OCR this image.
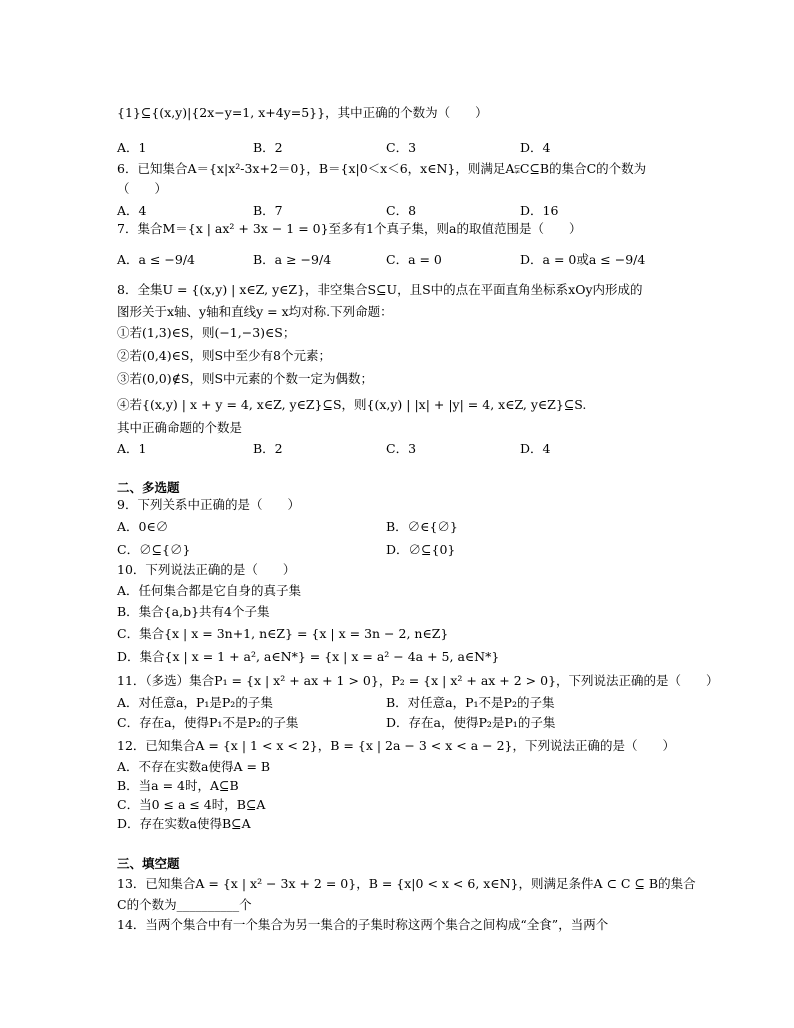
{1}⊆{(x,y)|{2x−y=1, x+4y=5}}，其中正确的个数为（　　）
A．1	B．2	C．3	D．4
6．已知集合A＝{x|x²-3x+2＝0}，B＝{x|0＜x＜6，x∈N}，则满足A⫋C⊆B的集合C的个数为
（　　）
A．4	B．7	C．8	D．16
7．集合M＝{x | ax² + 3x − 1 = 0}至多有1个真子集，则a的取值范围是（　　）
A．a ≤ −9/4	B．a ≥ −9/4	C．a = 0	D．a = 0或a ≤ −9/4
8．全集U = {(x,y) | x∈Z, y∈Z}，非空集合S⊆U，且S中的点在平面直角坐标系xOy内形成的
图形关于x轴、y轴和直线y = x均对称.下列命题：
①若(1,3)∈S，则(−1,−3)∈S；
②若(0,4)∈S，则S中至少有8个元素；
③若(0,0)∉S，则S中元素的个数一定为偶数；
④若{(x,y) | x + y = 4, x∈Z, y∈Z}⊆S，则{(x,y) | |x| + |y| = 4, x∈Z, y∈Z}⊆S.
其中正确命题的个数是
A．1	B．2	C．3	D．4
二、多选题
9．下列关系中正确的是（　　）
A．0∈∅	B．∅∈{∅}
C．∅⊆{∅}	D．∅⊆{0}
10．下列说法正确的是（　　）
A．任何集合都是它自身的真子集
B．集合{a,b}共有4个子集
C．集合{x | x = 3n+1, n∈Z} = {x | x = 3n − 2, n∈Z}
D．集合{x | x = 1 + a², a∈N*} = {x | x = a² − 4a + 5, a∈N*}
11．（多选）集合P₁ = {x | x² + ax + 1 > 0}，P₂ = {x | x² + ax + 2 > 0}，下列说法正确的是（　　）
A．对任意a，P₁是P₂的子集	B．对任意a，P₁不是P₂的子集
C．存在a，使得P₁不是P₂的子集	D．存在a，使得P₂是P₁的子集
12．已知集合A = {x | 1 < x < 2}，B = {x | 2a − 3 < x < a − 2}，下列说法正确的是（　　）
A．不存在实数a使得A = B
B．当a = 4时，A⊆B
C．当0 ≤ a ≤ 4时，B⊆A
D．存在实数a使得B⊆A
三、填空题
13．已知集合A = {x | x² − 3x + 2 = 0}，B = {x|0 < x < 6, x∈N}，则满足条件A ⊂ C ⊆ B的集合
C的个数为__________个
14．当两个集合中有一个集合为另一集合的子集时称这两个集合之间构成“全食”，当两个
